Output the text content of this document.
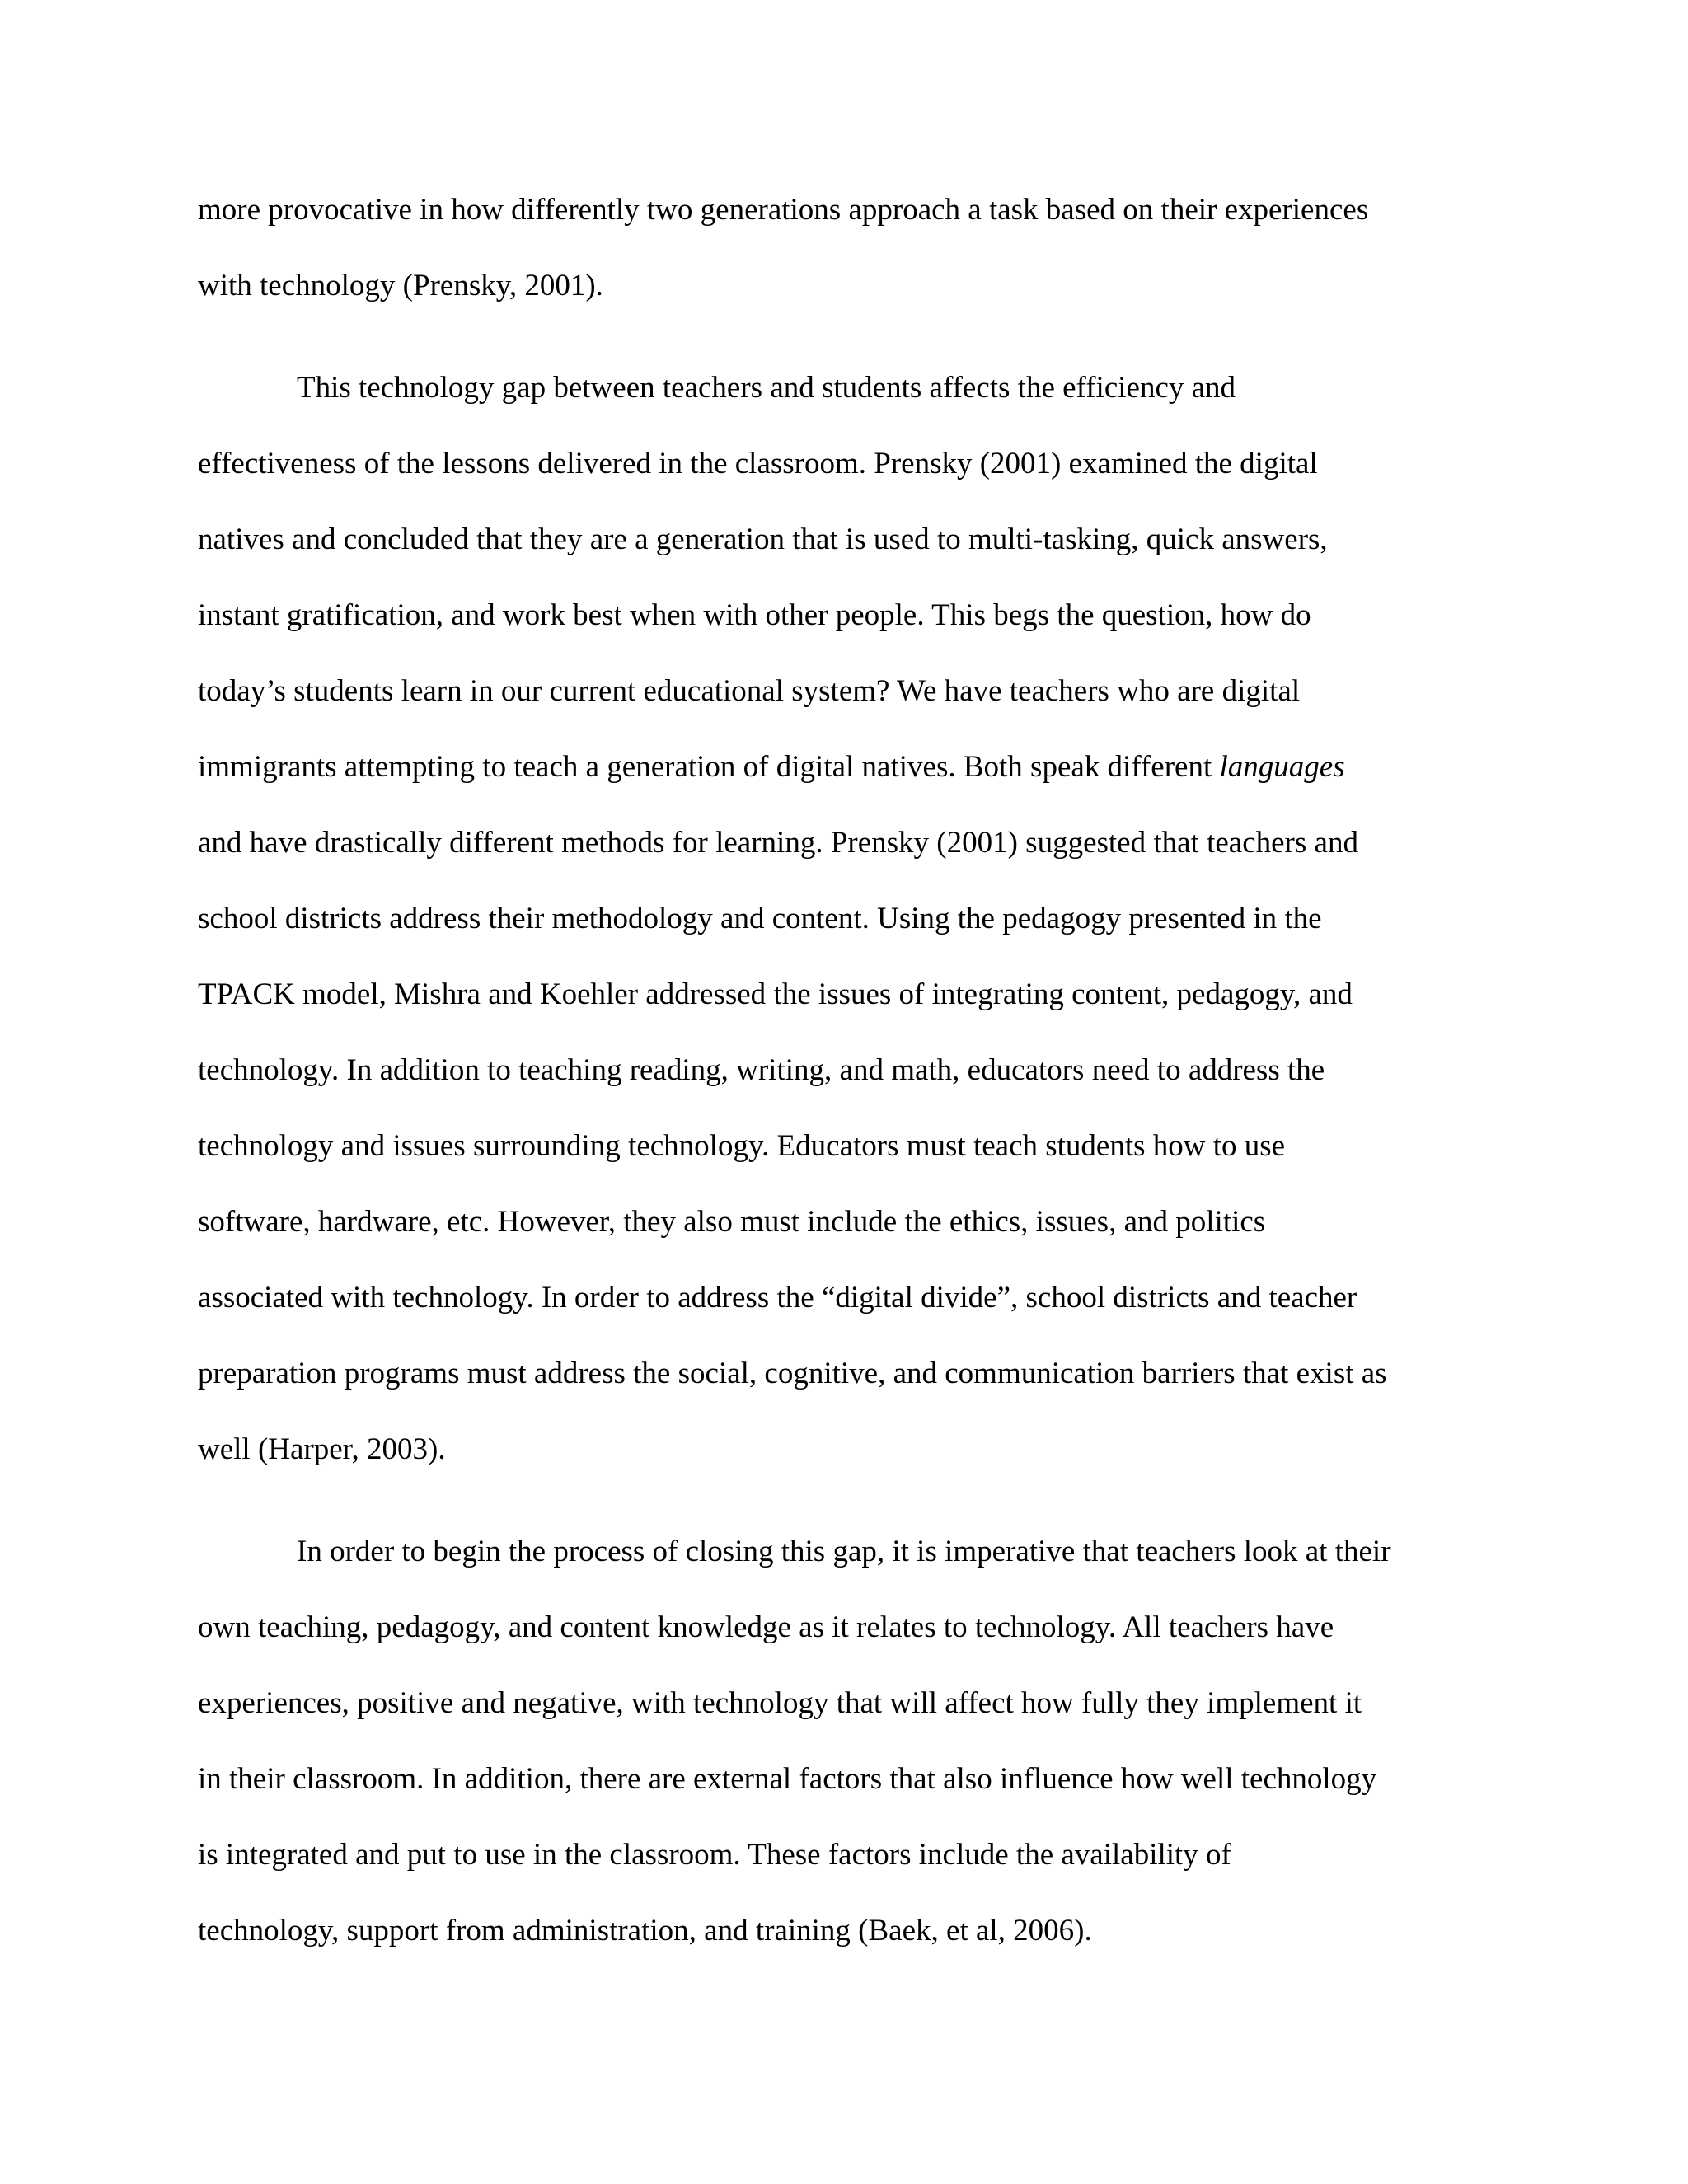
more provocative in how differently two generations approach a task based on their experiences
with technology (Prensky, 2001).
This technology gap between teachers and students affects the efficiency and
effectiveness of the lessons delivered in the classroom. Prensky (2001) examined the digital
natives and concluded that they are a generation that is used to multi-tasking, quick answers,
instant gratification, and work best when with other people. This begs the question, how do
today’s students learn in our current educational system? We have teachers who are digital
immigrants attempting to teach a generation of digital natives. Both speak different languages
and have drastically different methods for learning. Prensky (2001) suggested that teachers and
school districts address their methodology and content. Using the pedagogy presented in the
TPACK model, Mishra and Koehler addressed the issues of integrating content, pedagogy, and
technology. In addition to teaching reading, writing, and math, educators need to address the
technology and issues surrounding technology. Educators must teach students how to use
software, hardware, etc. However, they also must include the ethics, issues, and politics
associated with technology. In order to address the “digital divide”, school districts and teacher
preparation programs must address the social, cognitive, and communication barriers that exist as
well (Harper, 2003).
In order to begin the process of closing this gap, it is imperative that teachers look at their
own teaching, pedagogy, and content knowledge as it relates to technology. All teachers have
experiences, positive and negative, with technology that will affect how fully they implement it
in their classroom. In addition, there are external factors that also influence how well technology
is integrated and put to use in the classroom. These factors include the availability of
technology, support from administration, and training (Baek, et al, 2006).
